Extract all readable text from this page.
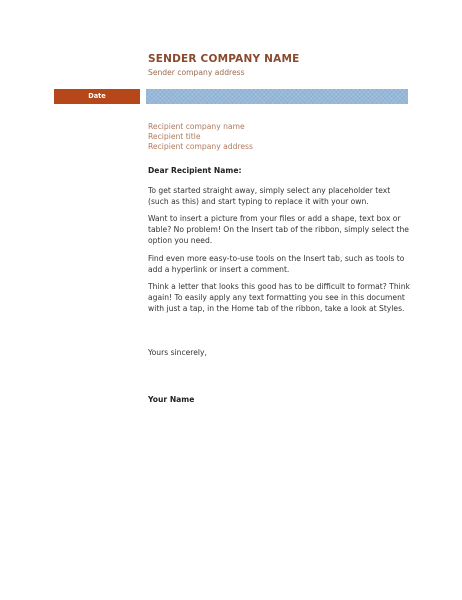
SENDER COMPANY NAME
Sender company address
Date
Recipient company name
Recipient title
Recipient company address
Dear Recipient Name:
To get started straight away, simply select any placeholder text (such as this) and start typing to replace it with your own.
Want to insert a picture from your files or add a shape, text box or table? No problem! On the Insert tab of the ribbon, simply select the option you need.
Find even more easy-to-use tools on the Insert tab, such as tools to add a hyperlink or insert a comment.
Think a letter that looks this good has to be difficult to format? Think again! To easily apply any text formatting you see in this document with just a tap, in the Home tab of the ribbon, take a look at Styles.
Yours sincerely,
Your Name
